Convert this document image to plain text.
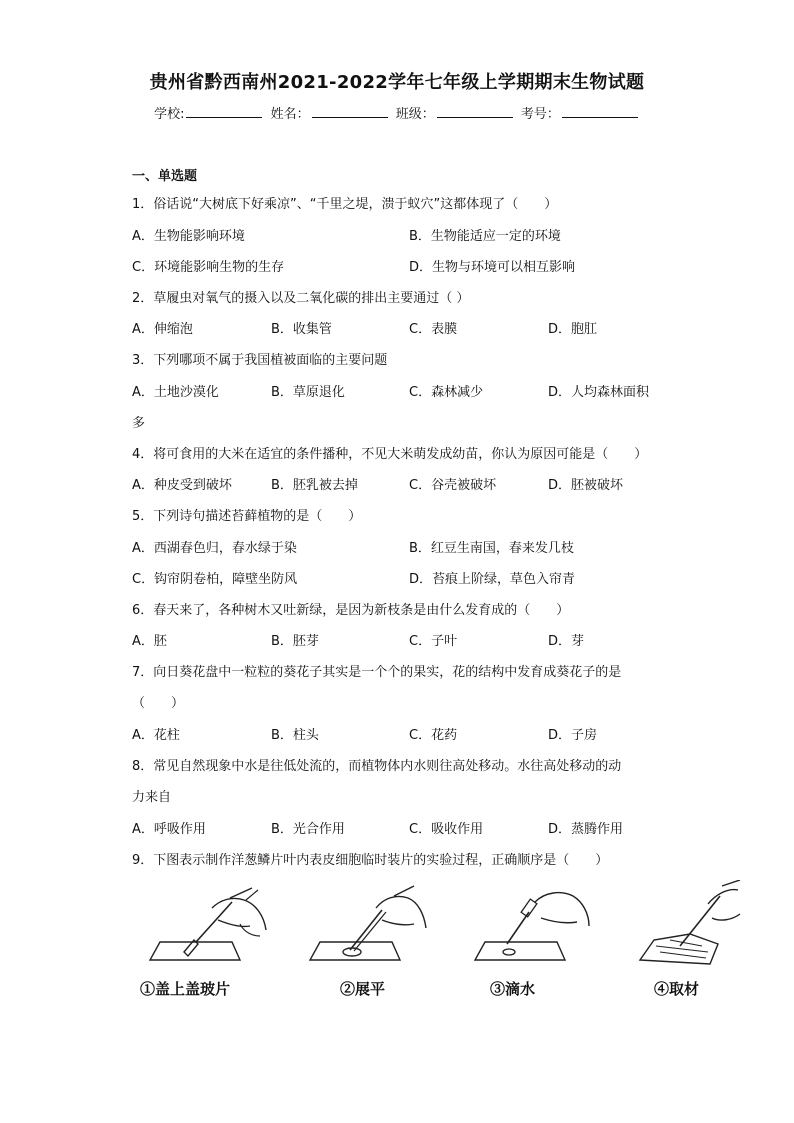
贵州省黔西南州2021-2022学年七年级上学期期末生物试题
学校:	姓名：	班级：	考号：
一、单选题
1．俗话说“大树底下好乘凉”、“千里之堤，溃于蚁穴”这都体现了（　　）
A．生物能影响环境	B．生物能适应一定的环境
C．环境能影响生物的生存	D．生物与环境可以相互影响
2．草履虫对氧气的摄入以及二氧化碳的排出主要通过（ ）
A．伸缩泡	B．收集管	C．表膜	D．胞肛
3．下列哪项不属于我国植被面临的主要问题
A．土地沙漠化	B．草原退化	C．森林减少	D．人均森林面积
多
4．将可食用的大米在适宜的条件播种，不见大米萌发成幼苗，你认为原因可能是（　　）
A．种皮受到破坏	B．胚乳被去掉	C．谷壳被破坏	D．胚被破坏
5．下列诗句描述苔藓植物的是（　　）
A．西湖春色归，春水绿于染	B．红豆生南国，春来发几枝
C．钩帘阴卷柏，障壁坐防风	D．苔痕上阶绿，草色入帘青
6．春天来了，各种树木又吐新绿，是因为新枝条是由什么发育成的（　　）
A．胚	B．胚芽	C．子叶	D．芽
7．向日葵花盘中一粒粒的葵花子其实是一个个的果实，花的结构中发育成葵花子的是
（　　）
A．花柱	B．柱头	C．花药	D．子房
8．常见自然现象中水是往低处流的，而植物体内水则往高处移动。水往高处移动的动
力来自
A．呼吸作用	B．光合作用	C．吸收作用	D．蒸腾作用
9．下图表示制作洋葱鳞片叶内表皮细胞临时装片的实验过程，正确顺序是（　　）
①盖上盖玻片	②展平	③滴水	④取材
